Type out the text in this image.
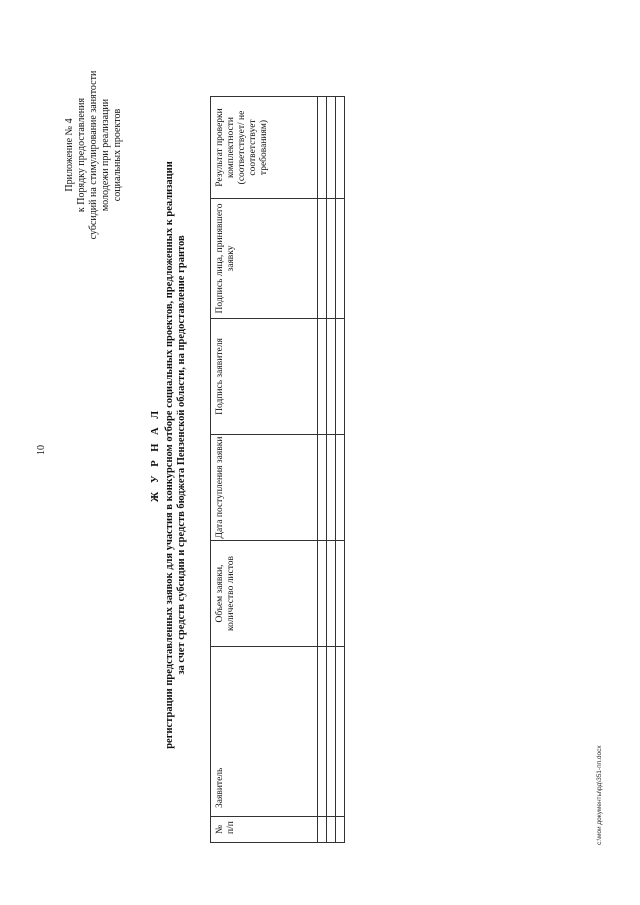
10
Приложение № 4 к Порядку предоставления субсидий на стимулирование занятости молодежи при реализации социальных проектов
Ж У Р Н А Л регистрации представленных заявок для участия в конкурсном отборе социальных проектов, предложенных к реализации за счет средств субсидии и средств бюджета Пензенской области, на предоставление грантов
№ п/п	Заявитель	Объем заявки, количество листов	Дата поступления заявки	Подпись заявителя	Подпись лица, принявшего заявку	Результат проверки комплектности (соответствует/ не соответствует требованиям)

c:\мои документы\рд\351-пп.docx
